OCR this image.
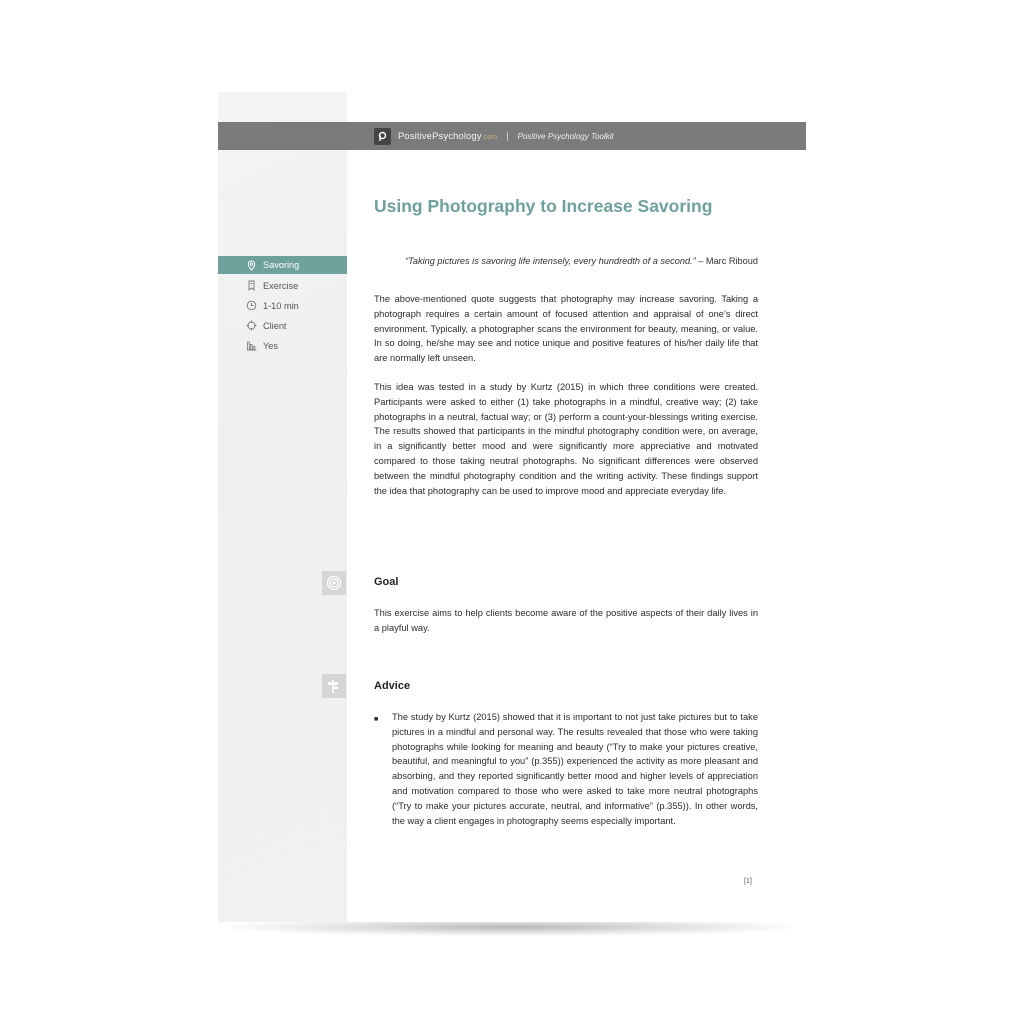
PositivePsychology.com | Positive Psychology Toolkit
Using Photography to Increase Savoring
“Taking pictures is savoring life intensely, every hundredth of a second.” – Marc Riboud
Savoring
Exercise
1-10 min
Client
Yes

The above-mentioned quote suggests that photography may increase savoring. Taking a photograph requires a certain amount of focused attention and appraisal of one’s direct environment. Typically, a photographer scans the environment for beauty, meaning, or value. In so doing, he/she may see and notice unique and positive features of his/her daily life that are normally left unseen.

This idea was tested in a study by Kurtz (2015) in which three conditions were created. Participants were asked to either (1) take photographs in a mindful, creative way; (2) take photographs in a neutral, factual way; or (3) perform a count-your-blessings writing exercise. The results showed that participants in the mindful photography condition were, on average, in a significantly better mood and were significantly more appreciative and motivated compared to those taking neutral photographs. No significant differences were observed between the mindful photography condition and the writing activity. These findings support the idea that photography can be used to improve mood and appreciate everyday life.

Goal

This exercise aims to help clients become aware of the positive aspects of their daily lives in a playful way.

Advice
■	The study by Kurtz (2015) showed that it is important to not just take pictures but to take pictures in a mindful and personal way. The results revealed that those who were taking photographs while looking for meaning and beauty (“Try to make your pictures creative, beautiful, and meaningful to you” (p.355)) experienced the activity as more pleasant and absorbing, and they reported significantly better mood and higher levels of appreciation and motivation compared to those who were asked to take more neutral photographs (“Try to make your pictures accurate, neutral, and informative” (p.355)). In other words, the way a client engages in photography seems especially important.

[1]
